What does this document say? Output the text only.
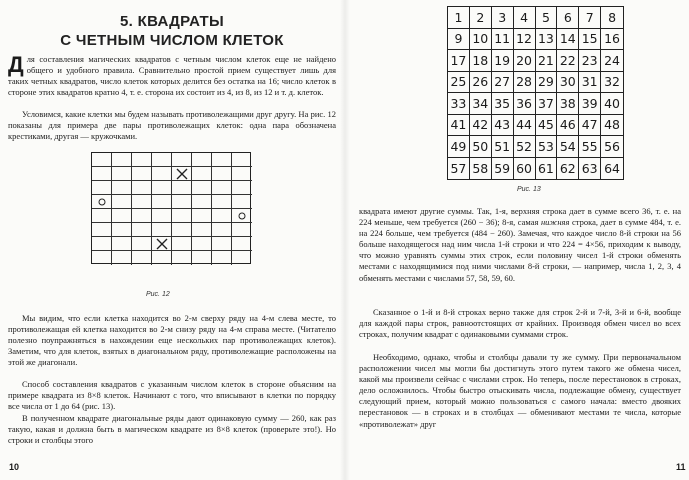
5. КВАДРАТЫ
С ЧЕТНЫМ ЧИСЛОМ КЛЕТОК

Для составления магических квадратов с четным числом клеток еще не найдено общего и удобного правила. Сравнительно простой прием существует лишь для таких четных квадратов, число клеток которых делится без остатка на 16; число клеток в стороне этих квадратов кратно 4, т. е. сторона их состоит из 4, из 8, из 12 и т. д. клеток.

Условимся, какие клетки мы будем называть противолежащими друг другу. На рис. 12 показаны для примера две пары противолежащих клеток: одна пара обозначена крестиками, другая — кружочками.

Рис. 12

Мы видим, что если клетка находится во 2-м сверху ряду на 4-м слева месте, то противолежащая ей клетка находится во 2-м снизу ряду на 4-м справа месте. (Читателю полезно поупражняться в нахождении еще нескольких пар противолежащих клеток). Заметим, что для клеток, взятых в диагональном ряду, противолежащие расположены на этой же диагонали.

Способ составления квадратов с указанным числом клеток в стороне объясним на примере квадрата из 8×8 клеток. Начинают с того, что вписывают в клетки по порядку все числа от 1 до 64 (рис. 13).

В полученном квадрате диагональные ряды дают одинаковую сумму — 260, как раз такую, какая и должна быть в магическом квадрате из 8×8 клеток (проверьте это!). Но строки и столбцы этого

10
Рис. 13

квадрата имеют другие суммы. Так, 1-я, верхняя строка дает в сумме всего 36, т. е. на 224 меньше, чем требуется (260 − 36); 8-я, самая нижняя строка, дает в сумме 484, т. е. на 224 больше, чем требуется (484 − 260). Замечая, что каждое число 8-й строки на 56 больше находящегося над ним числа 1-й строки и что 224 = 4×56, приходим к выводу, что можно уравнять суммы этих строк, если половину чисел 1-й строки обменять местами с находящимися под ними числами 8-й строки, — например, числа 1, 2, 3, 4 обменять местами с числами 57, 58, 59, 60.

Сказанное о 1-й и 8-й строках верно также для строк 2-й и 7-й, 3-й и 6-й, вообще для каждой пары строк, равноотстоящих от крайних. Производя обмен чисел во всех строках, получим квадрат с одинаковыми суммами строк.

Необходимо, однако, чтобы и столбцы давали ту же сумму. При первоначальном расположении чисел мы могли бы достигнуть этого путем такого же обмена чисел, какой мы произвели сейчас с числами строк. Но теперь, после перестановок в строках, дело осложнилось. Чтобы быстро отыскивать числа, подлежащие обмену, существует следующий прием, который можно пользоваться с самого начала: вместо двояких перестановок — в строках и в столбцах — обменивают местами те числа, которые «противолежат» друг

11
1	2	3	4	5	6	7	8
9 10 11 12 13 14 15 16
17 18 19 20 21 22 23 24
25 26 27 28 29 30 31 32
33 34 35 36 37 38 39 40
41 42 43 44 45 46 47 48
49 50 51 52 53 54 55 56
57 58 59 60 61 62 63 64
